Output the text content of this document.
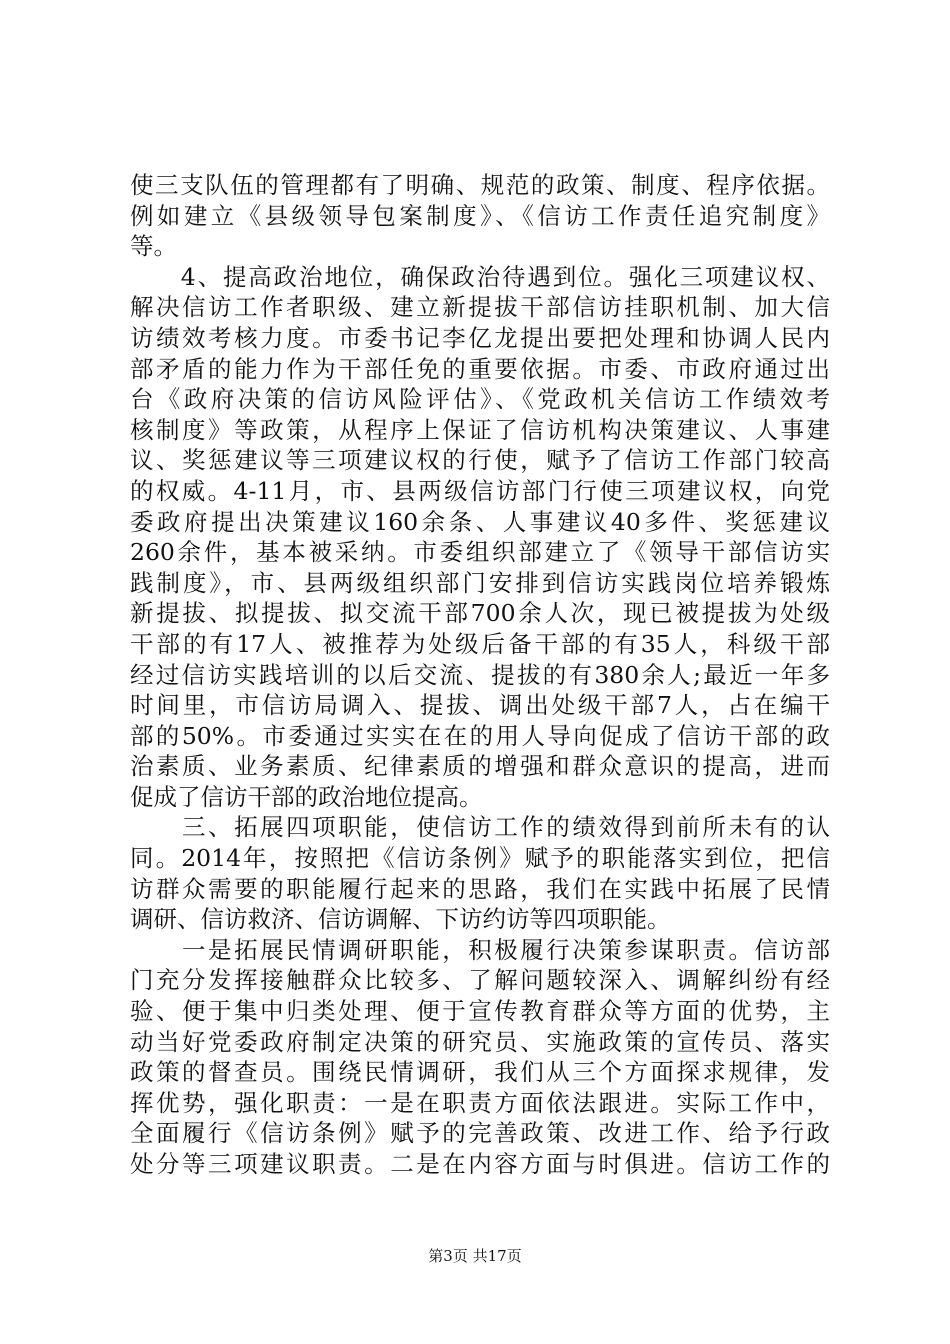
使三支队伍的管理都有了明确、规范的政策、制度、程序依据。
例如建立《县级领导包案制度》、《信访工作责任追究制度》
等。
　　4、提高政治地位，确保政治待遇到位。强化三项建议权、
解决信访工作者职级、建立新提拔干部信访挂职机制、加大信
访绩效考核力度。市委书记李亿龙提出要把处理和协调人民内
部矛盾的能力作为干部任免的重要依据。市委、市政府通过出
台《政府决策的信访风险评估》、《党政机关信访工作绩效考
核制度》等政策，从程序上保证了信访机构决策建议、人事建
议、奖惩建议等三项建议权的行使，赋予了信访工作部门较高
的权威。4-11月，市、县两级信访部门行使三项建议权，向党
委政府提出决策建议160余条、人事建议40多件、奖惩建议
260余件，基本被采纳。市委组织部建立了《领导干部信访实
践制度》，市、县两级组织部门安排到信访实践岗位培养锻炼
新提拔、拟提拔、拟交流干部700余人次，现已被提拔为处级
干部的有17人、被推荐为处级后备干部的有35人，科级干部
经过信访实践培训的以后交流、提拔的有380余人;最近一年多
时间里，市信访局调入、提拔、调出处级干部7人，占在编干
部的50%。市委通过实实在在的用人导向促成了信访干部的政
治素质、业务素质、纪律素质的增强和群众意识的提高，进而
促成了信访干部的政治地位提高。
　　三、拓展四项职能，使信访工作的绩效得到前所未有的认
同。2014年，按照把《信访条例》赋予的职能落实到位，把信
访群众需要的职能履行起来的思路，我们在实践中拓展了民情
调研、信访救济、信访调解、下访约访等四项职能。
　　一是拓展民情调研职能，积极履行决策参谋职责。信访部
门充分发挥接触群众比较多、了解问题较深入、调解纠纷有经
验、便于集中归类处理、便于宣传教育群众等方面的优势，主
动当好党委政府制定决策的研究员、实施政策的宣传员、落实
政策的督查员。围绕民情调研，我们从三个方面探求规律，发
挥优势，强化职责：一是在职责方面依法跟进。实际工作中，
全面履行《信访条例》赋予的完善政策、改进工作、给予行政
处分等三项建议职责。二是在内容方面与时俱进。信访工作的
第3页 共17页
